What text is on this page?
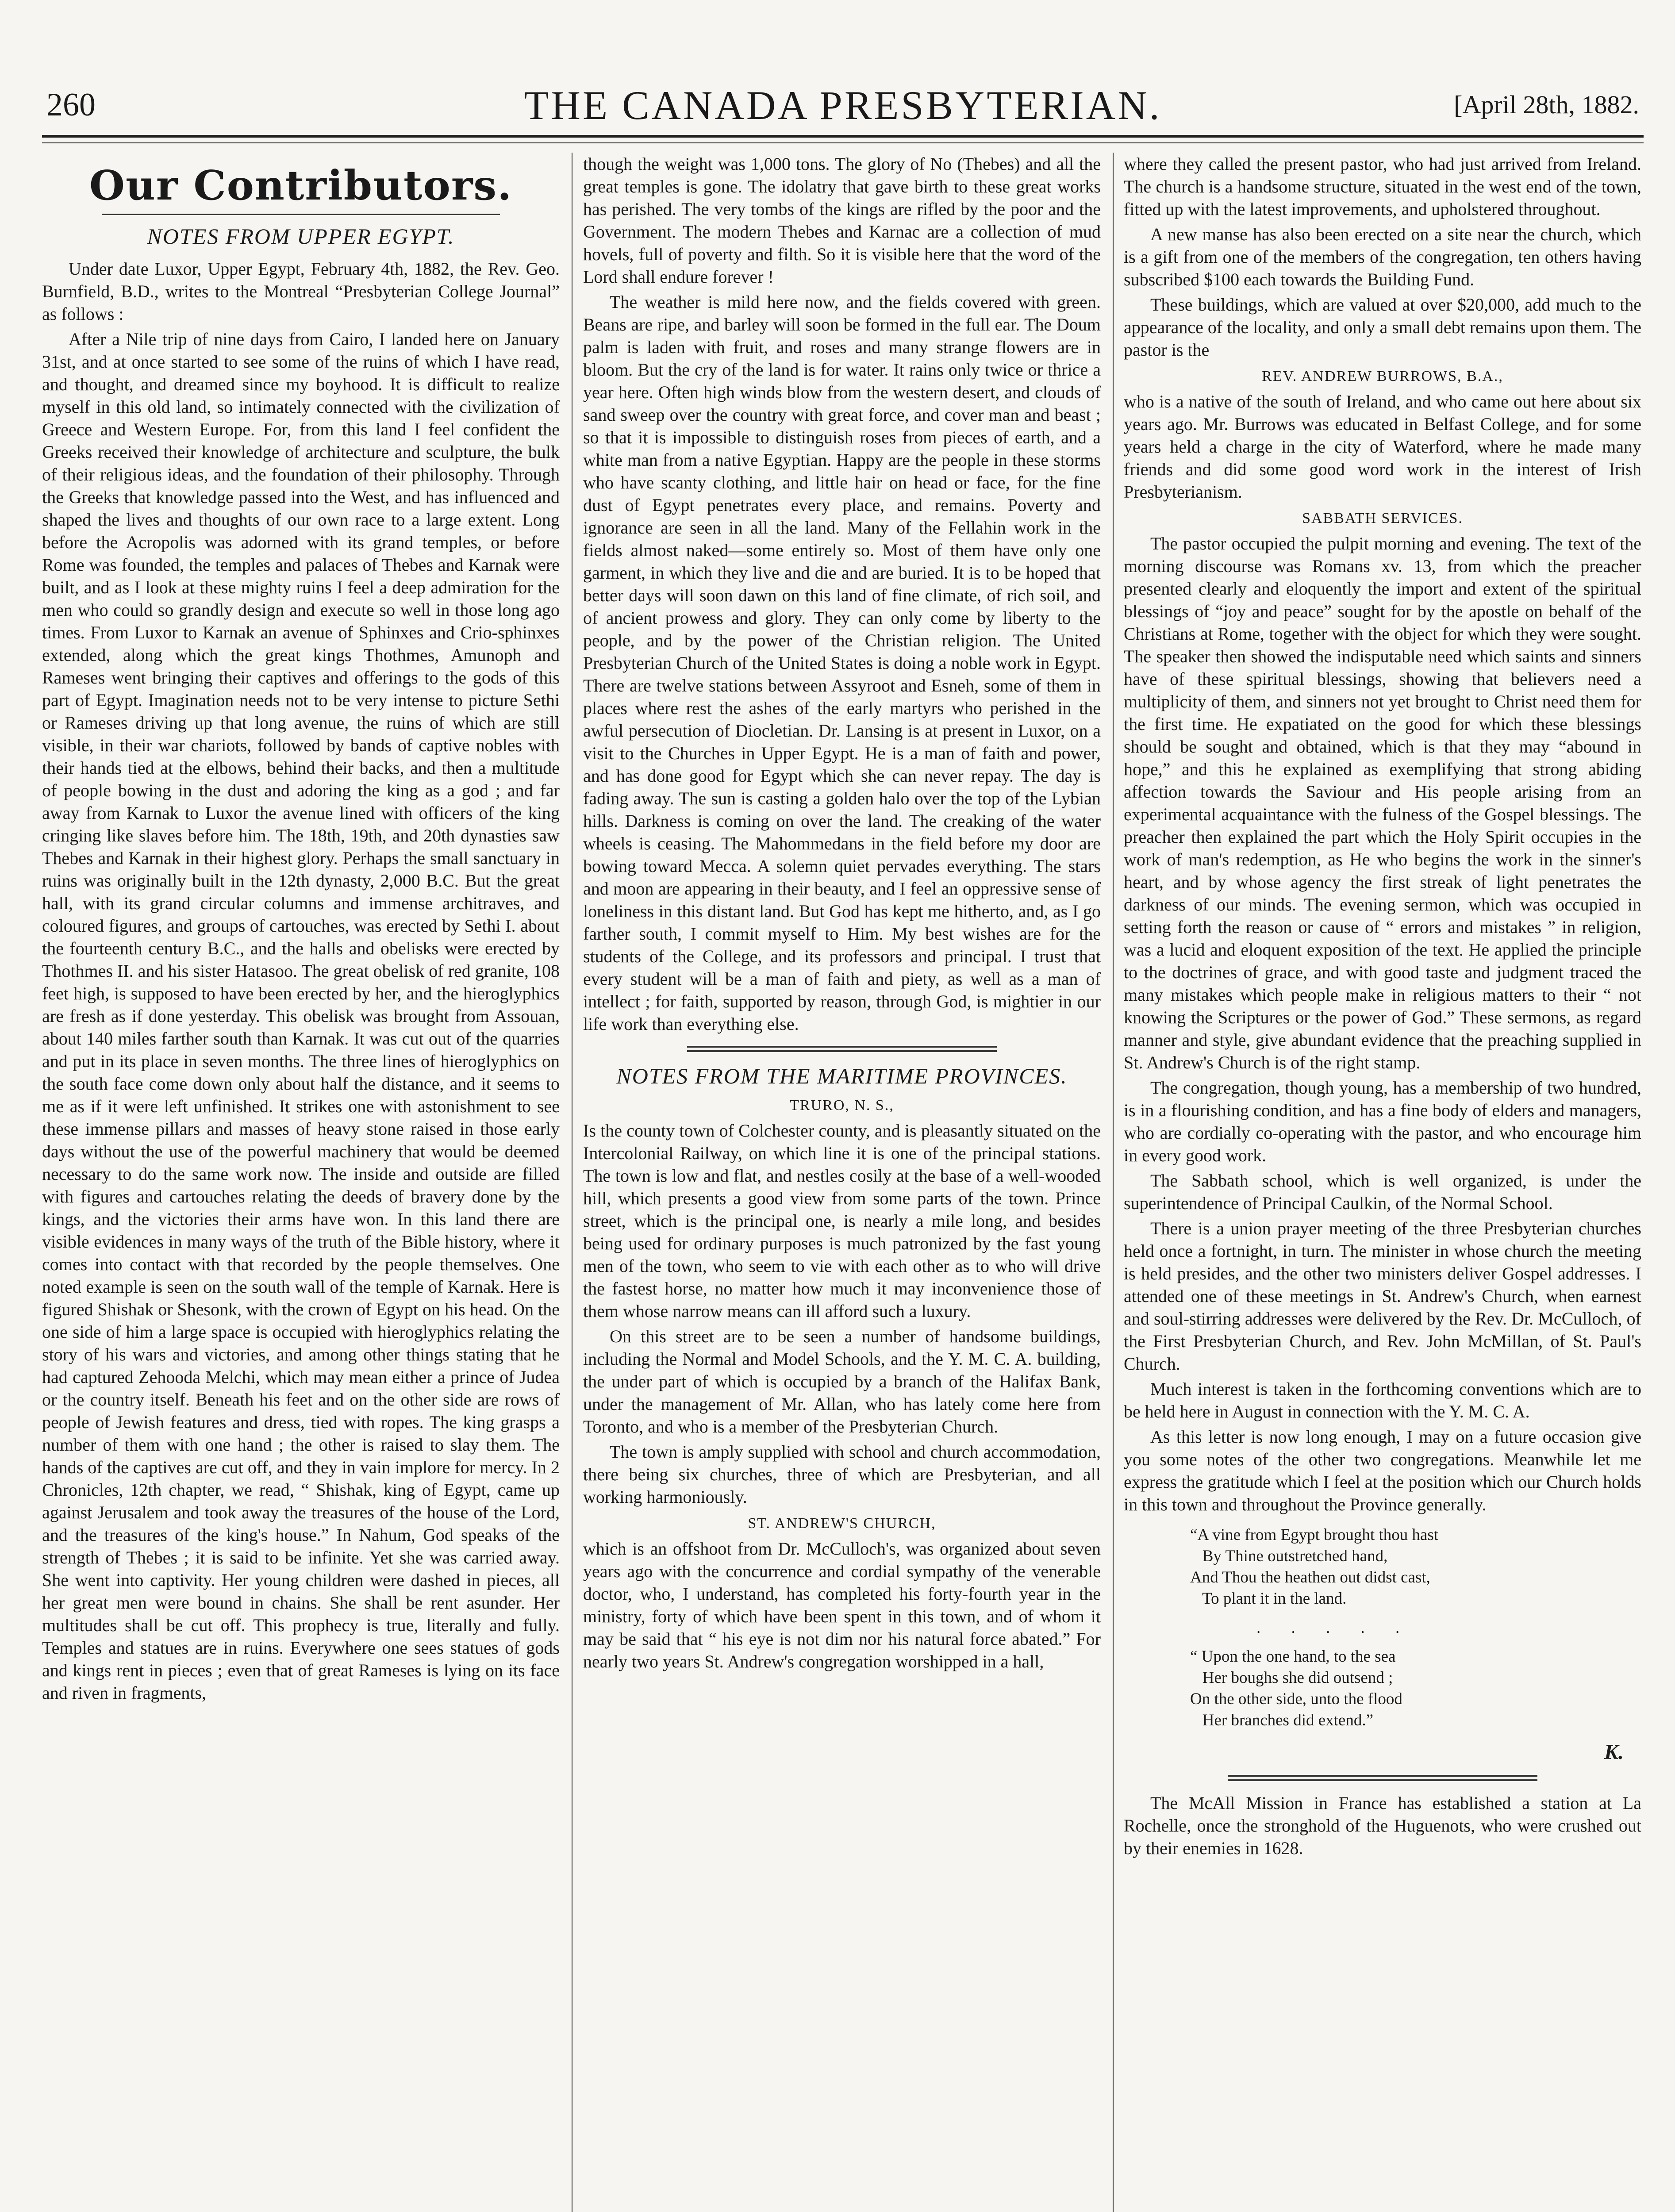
260	THE CANADA PRESBYTERIAN.	[April 28th, 1882.
Our Contributors.
NOTES FROM UPPER EGYPT.

Under date Luxor, Upper Egypt, February 4th, 1882, the Rev. Geo. Burnfield, B.D., writes to the Montreal “Presbyterian College Journal” as follows :

After a Nile trip of nine days from Cairo, I landed here on January 31st, and at once started to see some of the ruins of which I have read, and thought, and dreamed since my boyhood. It is difficult to realize myself in this old land, so intimately connected with the civilization of Greece and Western Europe. For, from this land I feel confident the Greeks received their knowledge of architecture and sculpture, the bulk of their religious ideas, and the foundation of their philosophy. Through the Greeks that knowledge passed into the West, and has influenced and shaped the lives and thoughts of our own race to a large extent. Long before the Acropolis was adorned with its grand temples, or before Rome was founded, the temples and palaces of Thebes and Karnak were built, and as I look at these mighty ruins I feel a deep admiration for the men who could so grandly design and execute so well in those long ago times. From Luxor to Karnak an avenue of Sphinxes and Crio-sphinxes extended, along which the great kings Thothmes, Amunoph and Rameses went bringing their captives and offerings to the gods of this part of Egypt. Imagination needs not to be very intense to picture Sethi or Rameses driving up that long avenue, the ruins of which are still visible, in their war chariots, followed by bands of captive nobles with their hands tied at the elbows, behind their backs, and then a multitude of people bowing in the dust and adoring the king as a god ; and far away from Karnak to Luxor the avenue lined with officers of the king cringing like slaves before him. The 18th, 19th, and 20th dynasties saw Thebes and Karnak in their highest glory. Perhaps the small sanctuary in ruins was originally built in the 12th dynasty, 2,000 B.C. But the great hall, with its grand circular columns and immense architraves, and coloured figures, and groups of cartouches, was erected by Sethi I. about the fourteenth century B.C., and the halls and obelisks were erected by Thothmes II. and his sister Hatasoo. The great obelisk of red granite, 108 feet high, is supposed to have been erected by her, and the hieroglyphics are fresh as if done yesterday. This obelisk was brought from Assouan, about 140 miles farther south than Karnak. It was cut out of the quarries and put in its place in seven months. The three lines of hieroglyphics on the south face come down only about half the distance, and it seems to me as if it were left unfinished. It strikes one with astonishment to see these immense pillars and masses of heavy stone raised in those early days without the use of the powerful machinery that would be deemed necessary to do the same work now. The inside and outside are filled with figures and cartouches relating the deeds of bravery done by the kings, and the victories their arms have won. In this land there are visible evidences in many ways of the truth of the Bible history, where it comes into contact with that recorded by the people themselves. One noted example is seen on the south wall of the temple of Karnak. Here is figured Shishak or Shesonk, with the crown of Egypt on his head. On the one side of him a large space is occupied with hieroglyphics relating the story of his wars and victories, and among other things stating that he had captured Zehooda Melchi, which may mean either a prince of Judea or the country itself. Beneath his feet and on the other side are rows of people of Jewish features and dress, tied with ropes. The king grasps a number of them with one hand ; the other is raised to slay them. The hands of the captives are cut off, and they in vain implore for mercy. In 2 Chronicles, 12th chapter, we read, “ Shishak, king of Egypt, came up against Jerusalem and took away the treasures of the house of the Lord, and the treasures of the king's house.” In Nahum, God speaks of the strength of Thebes ; it is said to be infinite. Yet she was carried away. She went into captivity. Her young children were dashed in pieces, all her great men were bound in chains. She shall be rent asunder. Her multitudes shall be cut off. This prophecy is true, literally and fully. Temples and statues are in ruins. Everywhere one sees statues of gods and kings rent in pieces ; even that of great Rameses is lying on its face and riven in fragments,

though the weight was 1,000 tons. The glory of No (Thebes) and all the great temples is gone. The idolatry that gave birth to these great works has perished. The very tombs of the kings are rifled by the poor and the Government. The modern Thebes and Karnac are a collection of mud hovels, full of poverty and filth. So it is visible here that the word of the Lord shall endure forever !

The weather is mild here now, and the fields covered with green. Beans are ripe, and barley will soon be formed in the full ear. The Doum palm is laden with fruit, and roses and many strange flowers are in bloom. But the cry of the land is for water. It rains only twice or thrice a year here. Often high winds blow from the western desert, and clouds of sand sweep over the country with great force, and cover man and beast ; so that it is impossible to distinguish roses from pieces of earth, and a white man from a native Egyptian. Happy are the people in these storms who have scanty clothing, and little hair on head or face, for the fine dust of Egypt penetrates every place, and remains. Poverty and ignorance are seen in all the land. Many of the Fellahin work in the fields almost naked—some entirely so. Most of them have only one garment, in which they live and die and are buried. It is to be hoped that better days will soon dawn on this land of fine climate, of rich soil, and of ancient prowess and glory. They can only come by liberty to the people, and by the power of the Christian religion. The United Presbyterian Church of the United States is doing a noble work in Egypt. There are twelve stations between Assyroot and Esneh, some of them in places where rest the ashes of the early martyrs who perished in the awful persecution of Diocletian. Dr. Lansing is at present in Luxor, on a visit to the Churches in Upper Egypt. He is a man of faith and power, and has done good for Egypt which she can never repay. The day is fading away. The sun is casting a golden halo over the top of the Lybian hills. Darkness is coming on over the land. The creaking of the water wheels is ceasing. The Mahommedans in the field before my door are bowing toward Mecca. A solemn quiet pervades everything. The stars and moon are appearing in their beauty, and I feel an oppressive sense of loneliness in this distant land. But God has kept me hitherto, and, as I go farther south, I commit myself to Him. My best wishes are for the students of the College, and its professors and principal. I trust that every student will be a man of faith and piety, as well as a man of intellect ; for faith, supported by reason, through God, is mightier in our life work than everything else.

NOTES FROM THE MARITIME PROVINCES.
TRURO, N. S.,

Is the county town of Colchester county, and is pleasantly situated on the Intercolonial Railway, on which line it is one of the principal stations. The town is low and flat, and nestles cosily at the base of a well-wooded hill, which presents a good view from some parts of the town. Prince street, which is the principal one, is nearly a mile long, and besides being used for ordinary purposes is much patronized by the fast young men of the town, who seem to vie with each other as to who will drive the fastest horse, no matter how much it may inconvenience those of them whose narrow means can ill afford such a luxury.

On this street are to be seen a number of handsome buildings, including the Normal and Model Schools, and the Y. M. C. A. building, the under part of which is occupied by a branch of the Halifax Bank, under the management of Mr. Allan, who has lately come here from Toronto, and who is a member of the Presbyterian Church.

The town is amply supplied with school and church accommodation, there being six churches, three of which are Presbyterian, and all working harmoniously.

ST. ANDREW'S CHURCH,

which is an offshoot from Dr. McCulloch's, was organized about seven years ago with the concurrence and cordial sympathy of the venerable doctor, who, I understand, has completed his forty-fourth year in the ministry, forty of which have been spent in this town, and of whom it may be said that “ his eye is not dim nor his natural force abated.” For nearly two years St. Andrew's congregation worshipped in a hall,

where they called the present pastor, who had just arrived from Ireland. The church is a handsome structure, situated in the west end of the town, fitted up with the latest improvements, and upholstered throughout.

A new manse has also been erected on a site near the church, which is a gift from one of the members of the congregation, ten others having subscribed $100 each towards the Building Fund.

These buildings, which are valued at over $20,000, add much to the appearance of the locality, and only a small debt remains upon them. The pastor is the

REV. ANDREW BURROWS, B.A.,

who is a native of the south of Ireland, and who came out here about six years ago. Mr. Burrows was educated in Belfast College, and for some years held a charge in the city of Waterford, where he made many friends and did some good word work in the interest of Irish Presbyterianism.

SABBATH SERVICES.

The pastor occupied the pulpit morning and evening. The text of the morning discourse was Romans xv. 13, from which the preacher presented clearly and eloquently the import and extent of the spiritual blessings of “joy and peace” sought for by the apostle on behalf of the Christians at Rome, together with the object for which they were sought. The speaker then showed the indisputable need which saints and sinners have of these spiritual blessings, showing that believers need a multiplicity of them, and sinners not yet brought to Christ need them for the first time. He expatiated on the good for which these blessings should be sought and obtained, which is that they may “abound in hope,” and this he explained as exemplifying that strong abiding affection towards the Saviour and His people arising from an experimental acquaintance with the fulness of the Gospel blessings. The preacher then explained the part which the Holy Spirit occupies in the work of man's redemption, as He who begins the work in the sinner's heart, and by whose agency the first streak of light penetrates the darkness of our minds. The evening sermon, which was occupied in setting forth the reason or cause of “ errors and mistakes ” in religion, was a lucid and eloquent exposition of the text. He applied the principle to the doctrines of grace, and with good taste and judgment traced the many mistakes which people make in religious matters to their “ not knowing the Scriptures or the power of God.” These sermons, as regard manner and style, give abundant evidence that the preaching supplied in St. Andrew's Church is of the right stamp.

The congregation, though young, has a membership of two hundred, is in a flourishing condition, and has a fine body of elders and managers, who are cordially co-operating with the pastor, and who encourage him in every good work.

The Sabbath school, which is well organized, is under the superintendence of Principal Caulkin, of the Normal School.

There is a union prayer meeting of the three Presbyterian churches held once a fortnight, in turn. The minister in whose church the meeting is held presides, and the other two ministers deliver Gospel addresses. I attended one of these meetings in St. Andrew's Church, when earnest and soul-stirring addresses were delivered by the Rev. Dr. McCulloch, of the First Presbyterian Church, and Rev. John McMillan, of St. Paul's Church.

Much interest is taken in the forthcoming conventions which are to be held here in August in connection with the Y. M. C. A.

As this letter is now long enough, I may on a future occasion give you some notes of the other two congregations. Meanwhile let me express the gratitude which I feel at the position which our Church holds in this town and throughout the Province generally.

“A vine from Egypt brought thou hast
By Thine outstretched hand,
And Thou the heathen out didst cast,
To plant it in the land.
. . . . .
“ Upon the one hand, to the sea
Her boughs she did outsend ;
On the other side, unto the flood
Her branches did extend.”
K.

The McAll Mission in France has established a station at La Rochelle, once the stronghold of the Huguenots, who were crushed out by their enemies in 1628.
